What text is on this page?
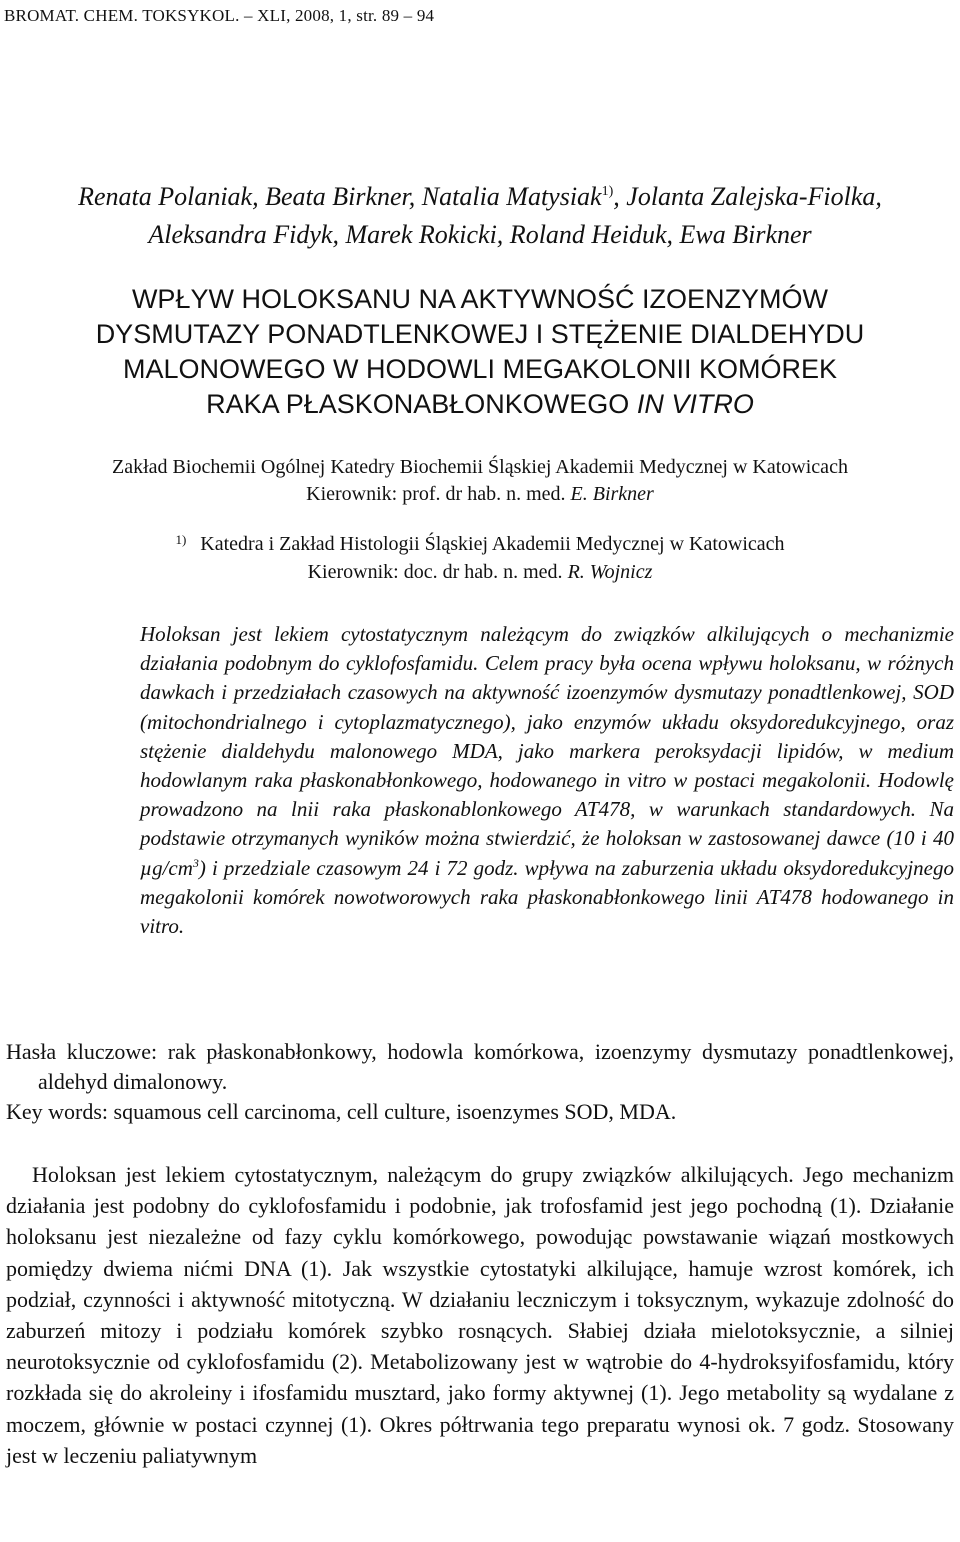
BROMAT. CHEM. TOKSYKOL. – XLI, 2008, 1, str. 89 – 94
Renata Polaniak, Beata Birkner, Natalia Matysiak$^{1)}$, Jolanta Zalejska-Fiolka,
Aleksandra Fidyk, Marek Rokicki, Roland Heiduk, Ewa Birkner
WPŁYW HOLOKSANU NA AKTYWNOŚĆ IZOENZYMÓW
DYSMUTAZY PONADTLENKOWEJ I STĘŻENIE DIALDEHYDU
MALONOWEGO W HODOWLI MEGAKOLONII KOMÓREK
RAKA PŁASKONABŁONKOWEGO IN VITRO
Zakład Biochemii Ogólnej Katedry Biochemii Śląskiej Akademii Medycznej w Katowicach
Kierownik: prof. dr hab. n. med. E. Birkner
$^{1)}$ Katedra i Zakład Histologii Śląskiej Akademii Medycznej w Katowicach
Kierownik: doc. dr hab. n. med. R. Wojnicz

Holoksan jest lekiem cytostatycznym należącym do związków alkilujących o mechanizmie działania podobnym do cyklofosfamidu. Celem pracy była ocena wpływu holoksanu, w różnych dawkach i przedziałach czasowych na aktywność izoenzymów dysmutazy ponadtlenkowej, SOD (mitochondrialnego i cytoplazmatycznego), jako enzymów układu oksydoredukcyjnego, oraz stężenie dialdehydu malonowego MDA, jako markera peroksydacji lipidów, w medium hodowlanym raka płaskonabłonkowego, hodowanego in vitro w postaci megakolonii. Hodowlę prowadzono na lnii raka płaskonablonkowego AT478, w warunkach standardowych. Na podstawie otrzymanych wyników można stwierdzić, że holoksan w zastosowanej dawce (10 i 40 $\mu g/cm^3$) i przedziale czasowym 24 i 72 godz. wpływa na zaburzenia układu oksydoredukcyjnego megakolonii komórek nowotworowych raka płaskonabłonkowego linii AT478 hodowanego in vitro.

Hasła kluczowe: rak płaskonabłonkowy, hodowla komórkowa, izoenzymy dysmutazy ponadtlenkowej, aldehyd dimalonowy.
Key words: squamous cell carcinoma, cell culture, isoenzymes SOD, MDA.

Holoksan jest lekiem cytostatycznym, należącym do grupy związków alkilujących. Jego mechanizm działania jest podobny do cyklofosfamidu i podobnie, jak trofosfamid jest jego pochodną (1). Działanie holoksanu jest niezależne od fazy cyklu komórkowego, powodując powstawanie wiązań mostkowych pomiędzy dwiema nićmi DNA (1). Jak wszystkie cytostatyki alkilujące, hamuje wzrost komórek, ich podział, czynności i aktywność mitotyczną. W działaniu leczniczym i toksycznym, wykazuje zdolność do zaburzeń mitozy i podziału komórek szybko rosnących. Słabiej działa mielotoksycznie, a silniej neurotoksycznie od cyklofosfamidu (2). Metabolizowany jest w wątrobie do 4-hydroksyifosfamidu, który rozkłada się do akroleiny i ifosfamidu musztard, jako formy aktywnej (1). Jego metabolity są wydalane z moczem, głównie w postaci czynnej (1). Okres półtrwania tego preparatu wynosi ok. 7 godz. Stosowany jest w leczeniu paliatywnym
